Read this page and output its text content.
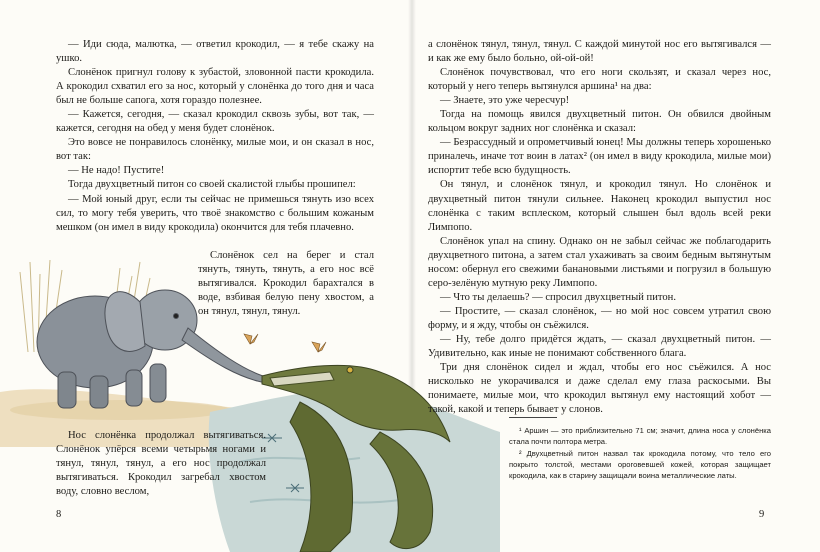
— Иди сюда, малютка, — ответил крокодил, — я тебе скажу на ушко.

Слонёнок пригнул голову к зубастой, зловонной пасти крокодила. А крокодил схватил его за нос, который у слонёнка до того дня и часа был не больше сапога, хотя гораздо полезнее.

— Кажется, сегодня, — сказал крокодил сквозь зубы, вот так, — кажется, сегодня на обед у меня будет слонёнок.

Это вовсе не понравилось слонёнку, милые мои, и он сказал в нос, вот так:

— Не надо! Пустите!

Тогда двухцветный питон со своей скалистой глыбы прошипел:

— Мой юный друг, если ты сейчас не примешься тянуть изо всех сил, то могу тебя уверить, что твоё знакомство с большим кожаным мешком (он имел в виду крокодила) окончится для тебя плачевно.

Слонёнок сел на берег и стал тянуть, тянуть, тянуть, а его нос всё вытягивался. Крокодил барахтался в воде, взбивая белую пену хвостом, а он тянул, тянул, тянул.

Нос слонёнка продолжал вытягиваться. Слонёнок упёрся всеми четырьмя ногами и тянул, тянул, тянул, а его нос продолжал вытягиваться. Крокодил загребал хвостом воду, словно веслом,

8

а слонёнок тянул, тянул, тянул. С каждой минутой нос его вытягивался — и как же ему было больно, ой-ой-ой!

Слонёнок почувствовал, что его ноги скользят, и сказал через нос, который у него теперь вытянулся аршина¹ на два:

— Знаете, это уже чересчур!

Тогда на помощь явился двухцветный питон. Он обвился двойным кольцом вокруг задних ног слонёнка и сказал:

— Безрассудный и опрометчивый юнец! Мы должны теперь хорошенько приналечь, иначе тот воин в латах² (он имел в виду крокодила, милые мои) испортит тебе всю будущность.

Он тянул, и слонёнок тянул, и крокодил тянул. Но слонёнок и двухцветный питон тянули сильнее. Наконец крокодил выпустил нос слонёнка с таким всплеском, который слышен был вдоль всей реки Лимпопо.

Слонёнок упал на спину. Однако он не забыл сейчас же поблагодарить двухцветного питона, а затем стал ухаживать за своим бедным вытянутым носом: обернул его свежими банановыми листьями и погрузил в большую серо-зелёную мутную реку Лимпопо.

— Что ты делаешь? — спросил двухцветный питон.

— Простите, — сказал слонёнок, — но мой нос совсем утратил свою форму, и я жду, чтобы он съёжился.

— Ну, тебе долго придётся ждать, — сказал двухцветный питон. — Удивительно, как иные не понимают собственного блага.

Три дня слонёнок сидел и ждал, чтобы его нос съёжился. А нос нисколько не укорачивался и даже сделал ему глаза раскосыми. Вы понимаете, милые мои, что крокодил вытянул ему настоящий хобот — такой, какой и теперь бывает у слонов.

¹ Аршин — это приблизительно 71 см; значит, длина носа у слонёнка стала почти полтора метра.

² Двухцветный питон назвал так крокодила потому, что тело его покрыто толстой, местами ороговевшей кожей, которая защищает крокодила, как в старину защищали воина металлические латы.

9
